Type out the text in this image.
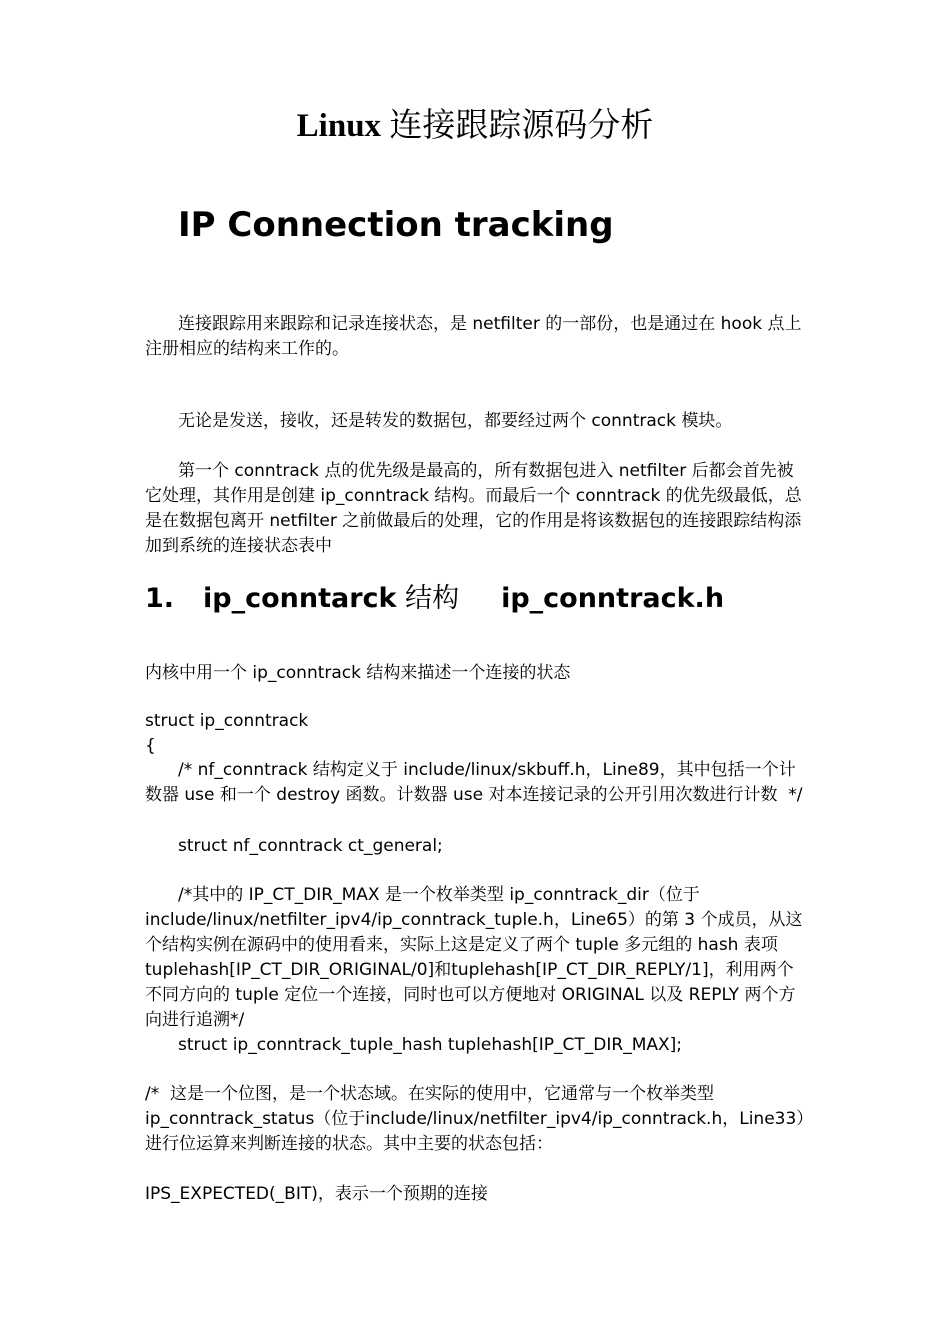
Linux 连接跟踪源码分析
IP Connection tracking

连接跟踪用来跟踪和记录连接状态，是 netfilter 的一部份，也是通过在 hook 点上注册相应的结构来工作的。

无论是发送，接收，还是转发的数据包，都要经过两个 conntrack 模块。

第一个 conntrack 点的优先级是最高的，所有数据包进入 netfilter 后都会首先被它处理，其作用是创建 ip_conntrack 结构。而最后一个 conntrack 的优先级最低，总是在数据包离开 netfilter 之前做最后的处理，它的作用是将该数据包的连接跟踪结构添加到系统的连接状态表中

1. ip_conntarck 结构 ip_conntrack.h

内核中用一个 ip_conntrack 结构来描述一个连接的状态

struct ip_conntrack
{

/* nf_conntrack 结构定义于 include/linux/skbuff.h，Line89，其中包括一个计数器 use 和一个 destroy 函数。计数器 use 对本连接记录的公开引用次数进行计数  */

struct nf_conntrack ct_general;

/*其中的 IP_CT_DIR_MAX 是一个枚举类型 ip_conntrack_dir（位于include/linux/netfilter_ipv4/ip_conntrack_tuple.h，Line65）的第 3 个成员，从这个结构实例在源码中的使用看来，实际上这是定义了两个 tuple 多元组的 hash 表项 tuplehash[IP_CT_DIR_ORIGINAL/0]和tuplehash[IP_CT_DIR_REPLY/1]，利用两个不同方向的 tuple 定位一个连接，同时也可以方便地对 ORIGINAL 以及 REPLY 两个方向进行追溯*/

struct ip_conntrack_tuple_hash tuplehash[IP_CT_DIR_MAX];

/*  这是一个位图，是一个状态域。在实际的使用中，它通常与一个枚举类型ip_conntrack_status（位于include/linux/netfilter_ipv4/ip_conntrack.h，Line33）进行位运算来判断连接的状态。其中主要的状态包括：

IPS_EXPECTED(_BIT)，表示一个预期的连接
